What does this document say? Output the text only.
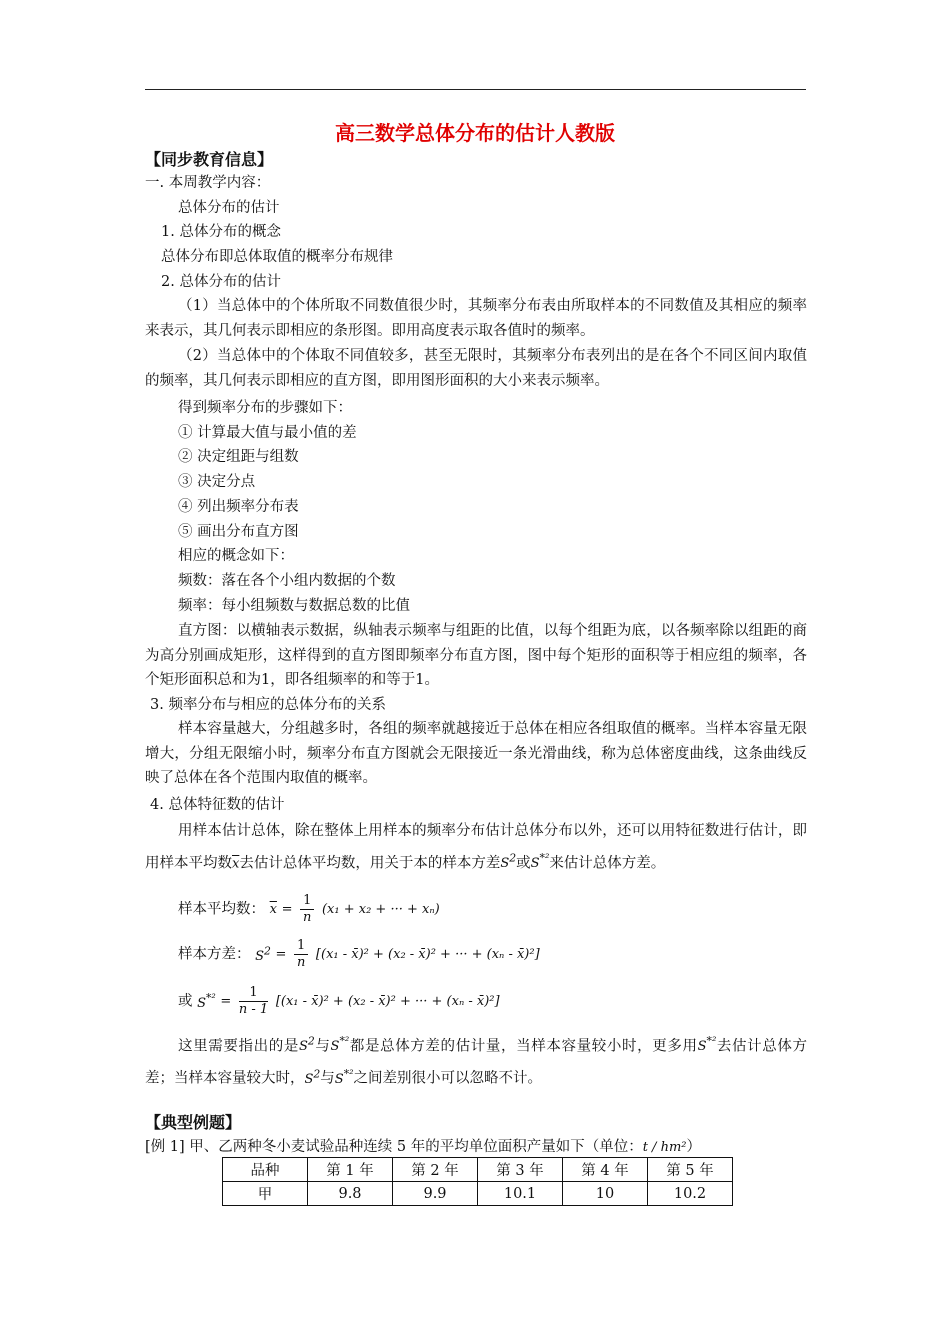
高三数学总体分布的估计人教版
【同步教育信息】
一. 本周教学内容：
总体分布的估计
1. 总体分布的概念
总体分布即总体取值的概率分布规律
2. 总体分布的估计
（1）当总体中的个体所取不同数值很少时，其频率分布表由所取样本的不同数值及其相应的频率来表示，其几何表示即相应的条形图。即用高度表示取各值时的频率。
（2）当总体中的个体取不同值较多，甚至无限时，其频率分布表列出的是在各个不同区间内取值的频率，其几何表示即相应的直方图，即用图形面积的大小来表示频率。
得到频率分布的步骤如下：
① 计算最大值与最小值的差
② 决定组距与组数
③ 决定分点
④ 列出频率分布表
⑤ 画出分布直方图
相应的概念如下：
频数：落在各个小组内数据的个数
频率：每小组频数与数据总数的比值
直方图：以横轴表示数据，纵轴表示频率与组距的比值，以每个组距为底，以各频率除以组距的商为高分别画成矩形，这样得到的直方图即频率分布直方图，图中每个矩形的面积等于相应组的频率，各个矩形面积总和为1，即各组频率的和等于1。
3. 频率分布与相应的总体分布的关系
样本容量越大，分组越多时，各组的频率就越接近于总体在相应各组取值的概率。当样本容量无限增大，分组无限缩小时，频率分布直方图就会无限接近一条光滑曲线，称为总体密度曲线，这条曲线反映了总体在各个范围内取值的概率。
4. 总体特征数的估计
用样本估计总体，除在整体上用样本的频率分布估计总体分布以外，还可以用特征数进行估计，即用样本平均数$\overline{x}$去估计总体平均数，用关于本的样本方差$S^2$或$S^{*^2}$来估计总体方差。
样本平均数： $\overline{x} = \frac{1}{n} (x_1 + x_2$ + ··· + xₙ)
样本方差： $S^2 = \frac{1}{n} [(x_1$ - x̄)² + (x₂ - x̄)² + ··· + (xₙ - x̄)²]
或 $S^{*^2} = \frac{1}{n - 1} [(x_1$ - x̄)² + (x₂ - x̄)² + ··· + (xₙ - x̄)²]
这里需要指出的是$S^2$与$S^{*^2}$都是总体方差的估计量，当样本容量较小时，更多用$S^{*^2}$去估计总体方差；当样本容量较大时，$S^2$与$S^{*^2}$之间差别很小可以忽略不计。
【典型例题】
[例 1] 甲、乙两种冬小麦试验品种连续 5 年的平均单位面积产量如下（单位：t / hm²）
品种	第 1 年	第 2 年	第 3 年	第 4 年	第 5 年
甲	9.8	9.9	10.1	10	10.2
